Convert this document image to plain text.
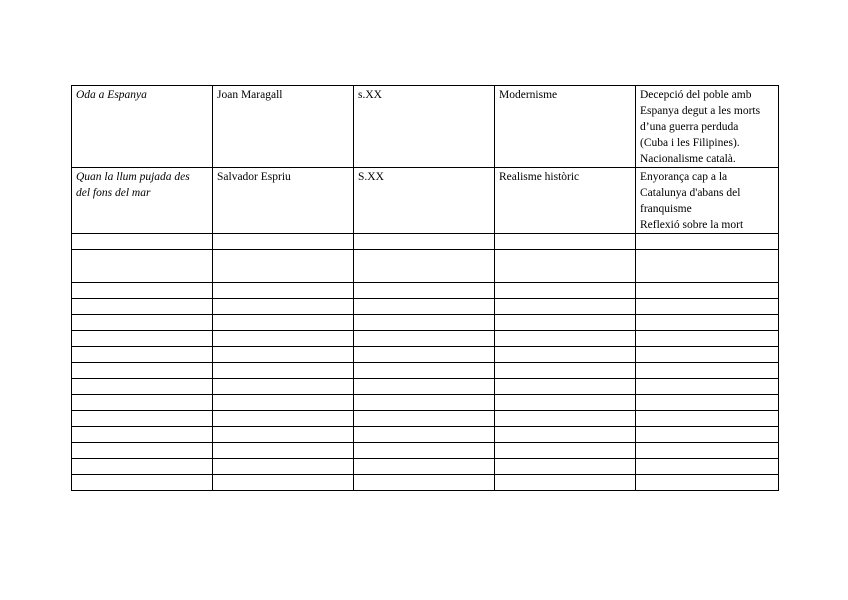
Oda a Espanya	Joan Maragall	s.XX	Modernisme	Decepció del poble amb
Espanya degut a les morts
d’una guerra perduda
(Cuba i les Filipines).
Nacionalisme català.
Quan la llum pujada des
del fons del mar	Salvador Espriu	S.XX	Realisme històric	Enyorança cap a la
Catalunya d'abans del
franquisme
Reflexió sobre la mort
